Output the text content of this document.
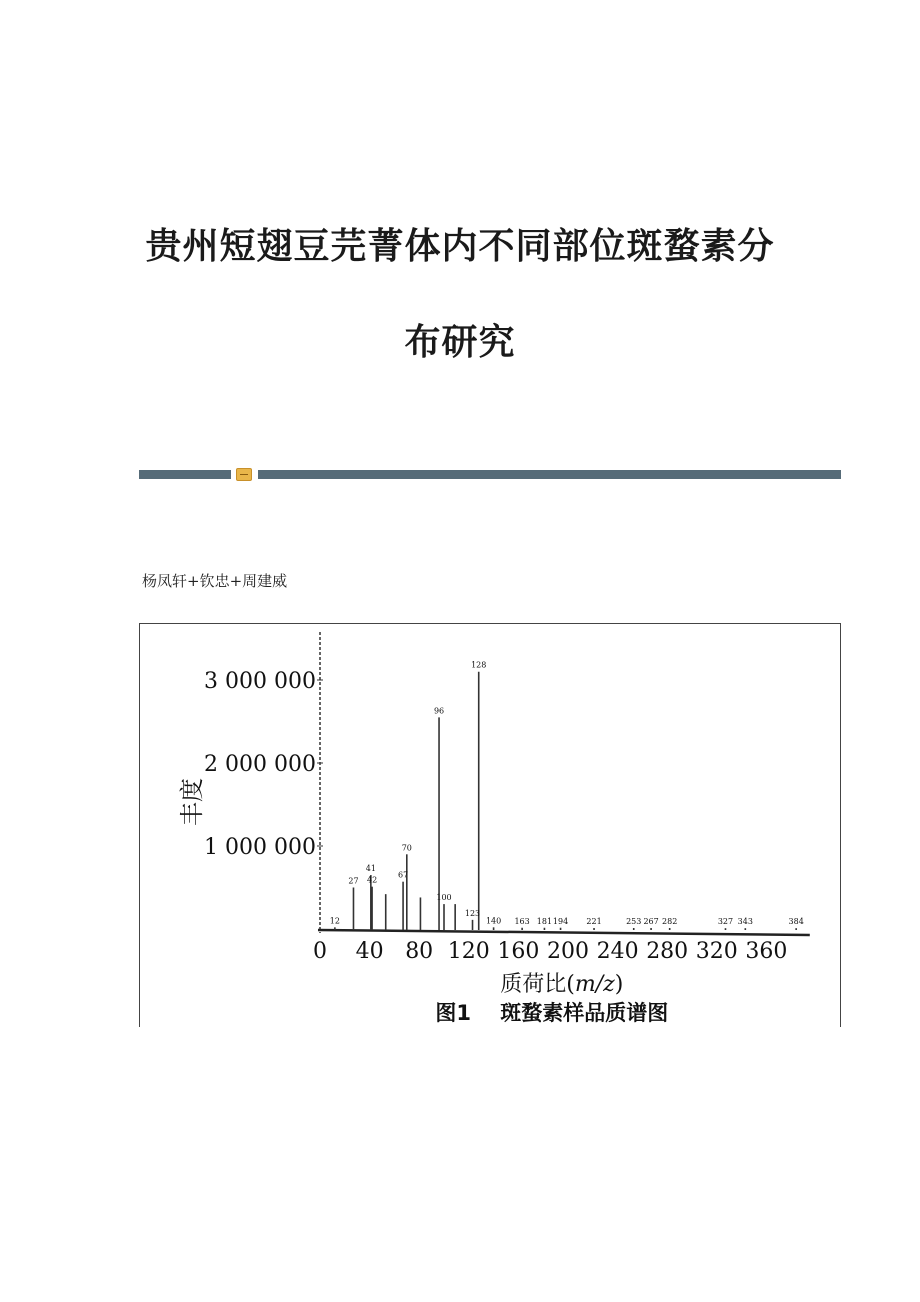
贵州短翅豆芫菁体内不同部位斑蝥素分
布研究
杨凤轩+钦忠+周建威
1 000 000
2 000 000
3 000 000
0 40 80 120 160 200 240 280 320 360
12
27
41
42
67
70
96
100
123
128
140 163 181 194 221	253 267 282	327 343	384
丰度
质荷比(m/z)
图1    斑蝥素样品质谱图
